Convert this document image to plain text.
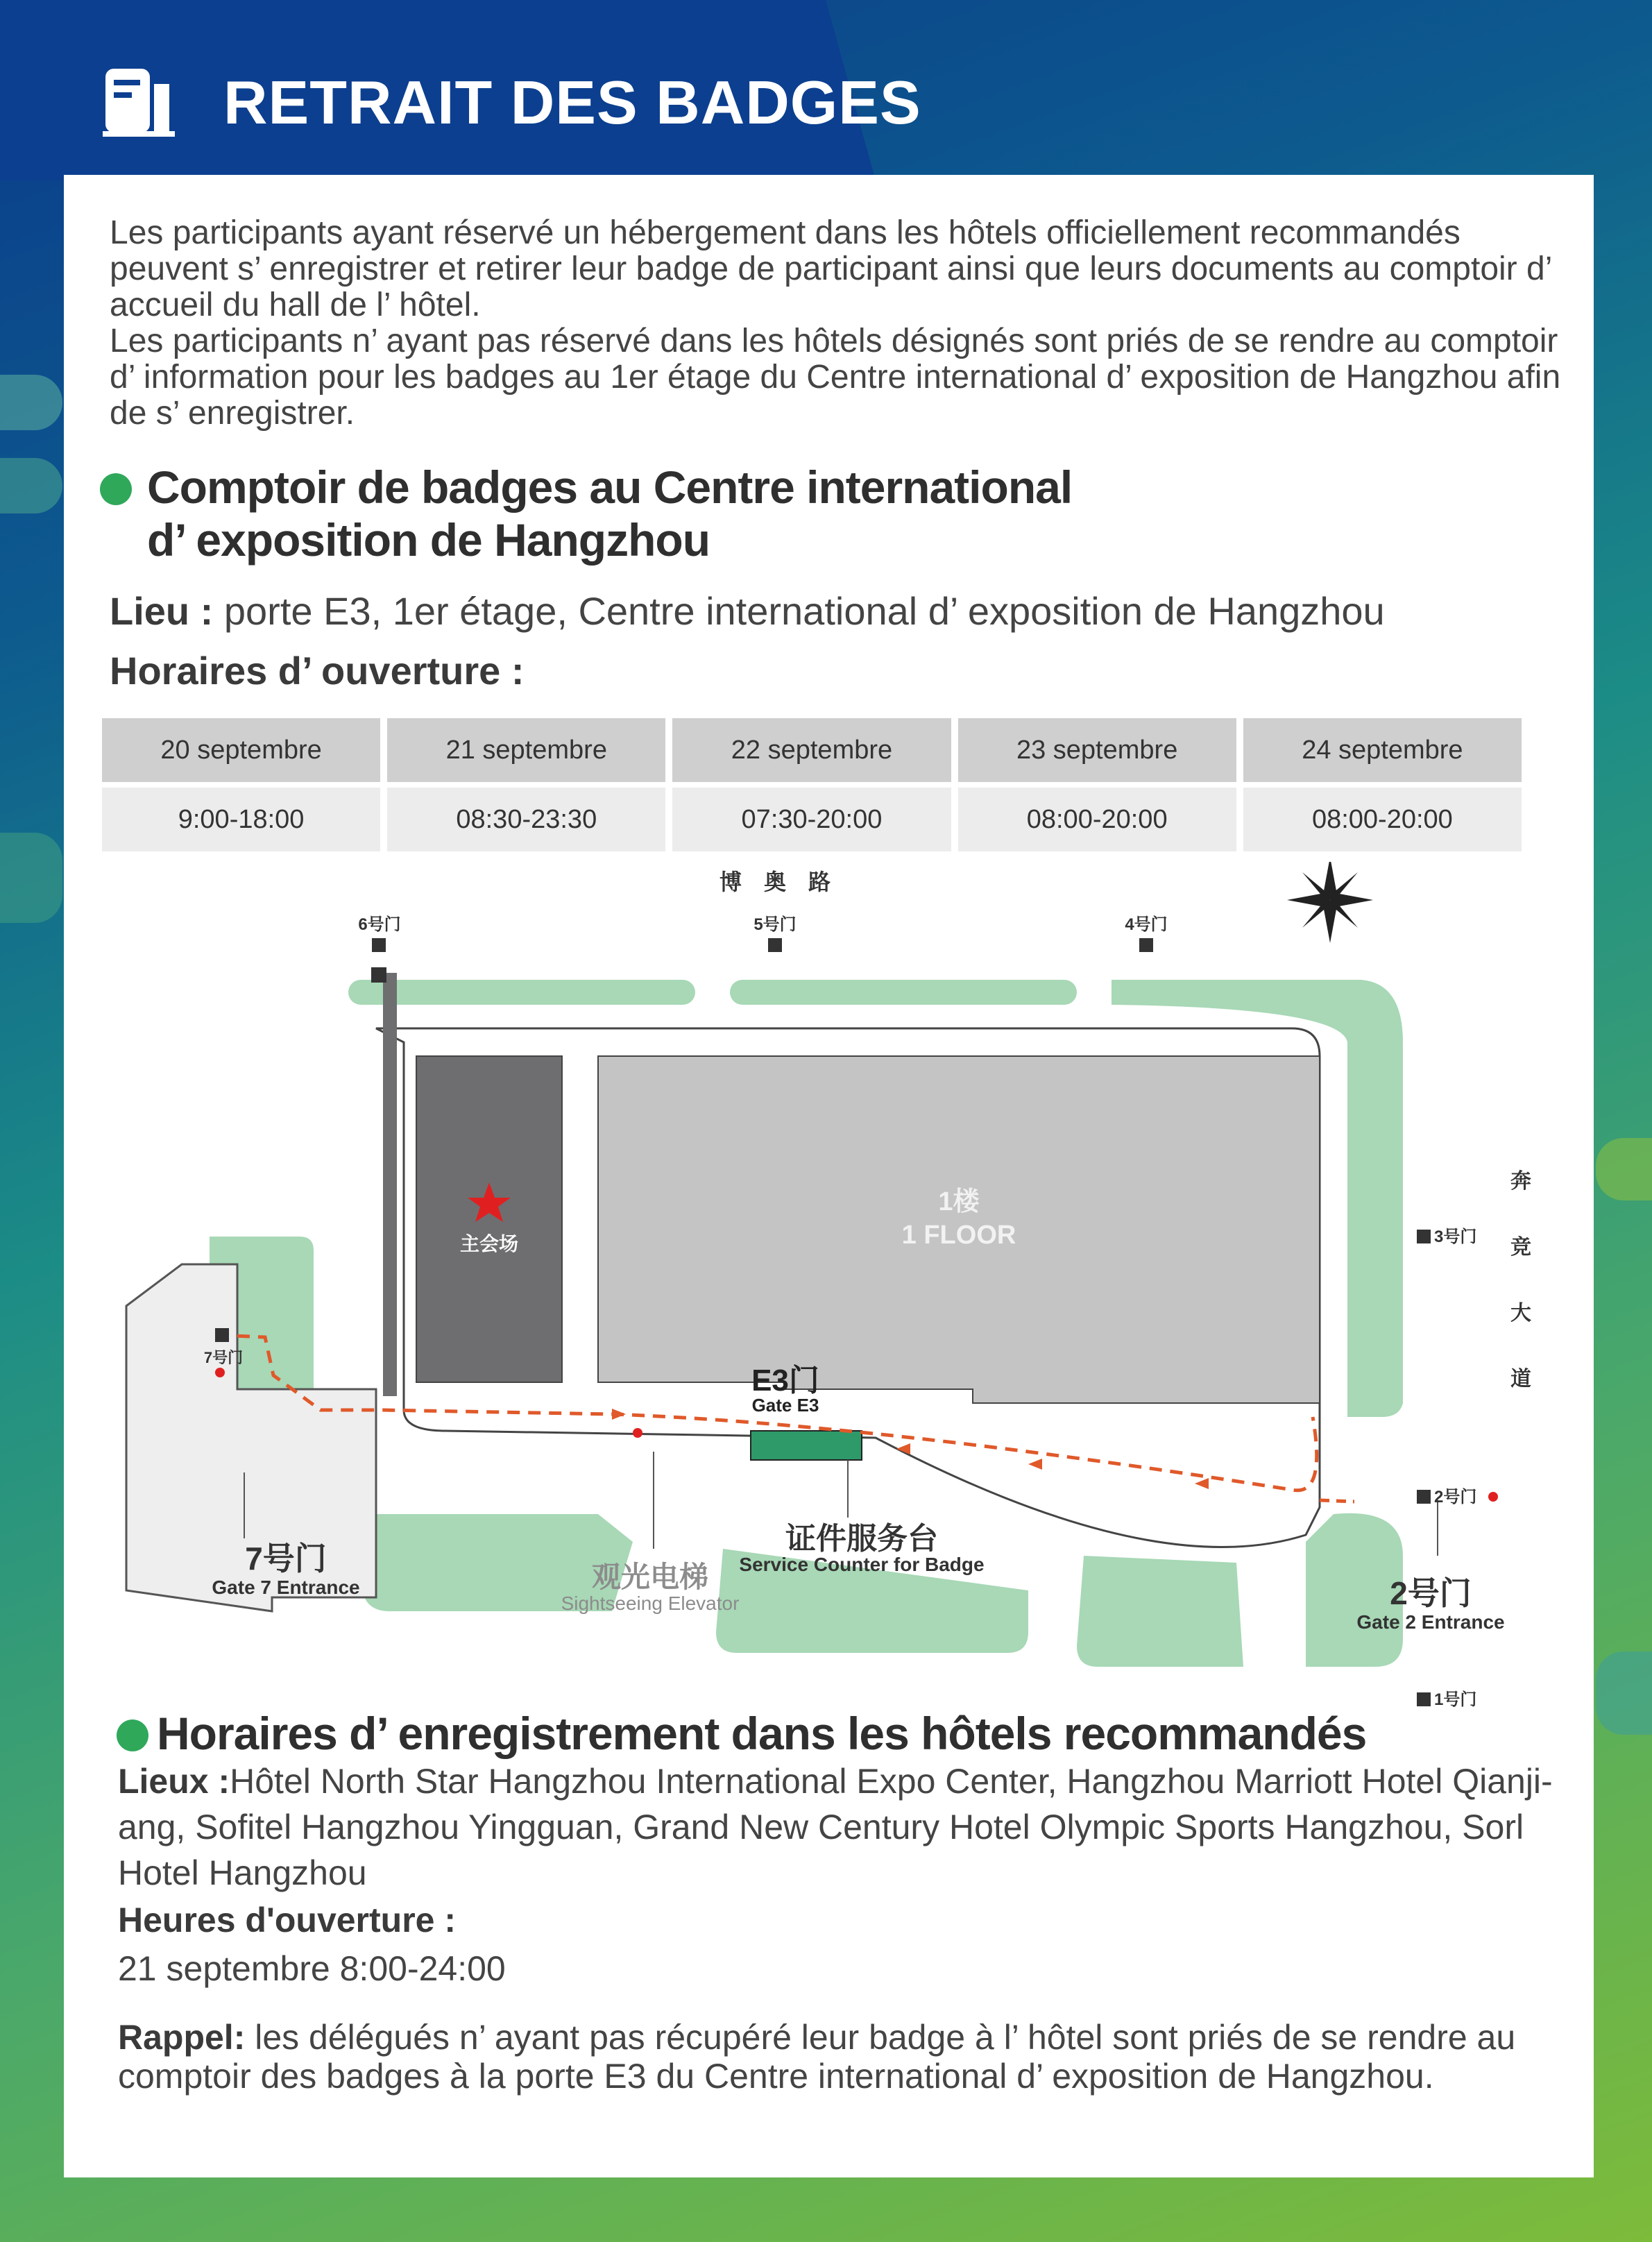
RETRAIT DES BADGES

Les participants ayant réservé un hébergement dans les hôtels officiellement recommandés peuvent s’ enregistrer et retirer leur badge de participant ainsi que leurs documents au comptoir d’ accueil du hall de l’ hôtel.

Les participants n’ ayant pas réservé dans les hôtels désignés sont priés de se rendre au comptoir d’ information pour les badges au 1er étage du Centre international d’ exposition de Hangzhou afin de s’ enregistrer.

Comptoir de badges au Centre international
d’ exposition de Hangzhou
Lieu : porte E3, 1er étage, Centre international d’ exposition de Hangzhou
Horaires d’ ouverture :
20 septembre	21 septembre	22 septembre	23 septembre	24 septembre
9:00-18:00	08:30-23:30	07:30-20:00	08:00-20:00	08:00-20:00
主会场
1楼
1 FLOOR
6号门	5号门	4号门
3号门
2号门
1号门
7号门
博　奥　路
奔
竞
大
道
E3门
Gate E3
7号门
Gate 7 Entrance
证件服务台
Service Counter for Badge
观光电梯
Sightseeing Elevator	2号门
Gate 2 Entrance
Horaires d’ enregistrement dans les hôtels recommandés
Lieux :Hôtel North Star Hangzhou International Expo Center, Hangzhou Marriott Hotel Qianji-ang, Sofitel Hangzhou Yingguan, Grand New Century Hotel Olympic Sports Hangzhou, Sorl Hotel Hangzhou
Heures d'ouverture :
21 septembre 8:00-24:00
Rappel: les délégués n’ ayant pas récupéré leur badge à l’ hôtel sont priés de se rendre au comptoir des badges à la porte E3 du Centre international d’ exposition de Hangzhou.
